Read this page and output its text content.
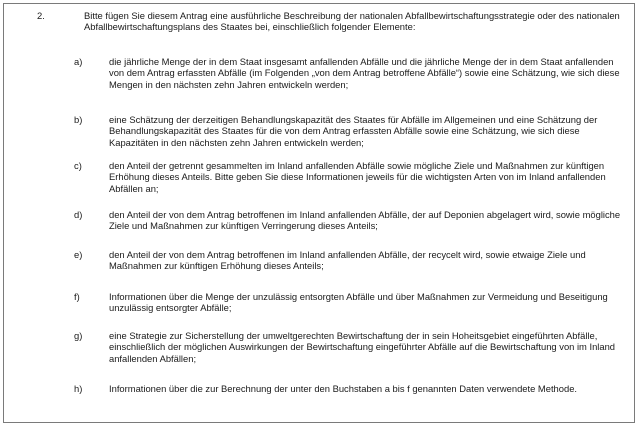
2.	Bitte fügen Sie diesem Antrag eine ausführliche Beschreibung der nationalen Abfallbewirtschaftungsstrategie oder des nationalen Abfallbewirtschaftungsplans des Staates bei, einschließlich folgender Elemente:
a)	die jährliche Menge der in dem Staat insgesamt anfallenden Abfälle und die jährliche Menge der in dem Staat anfallenden von dem Antrag erfassten Abfälle (im Folgenden „von dem Antrag betroffene Abfälle“) sowie eine Schätzung, wie sich diese Mengen in den nächsten zehn Jahren entwickeln werden;
b)	eine Schätzung der derzeitigen Behandlungskapazität des Staates für Abfälle im Allgemeinen und eine Schätzung der Behandlungskapazität des Staates für die von dem Antrag erfassten Abfälle sowie eine Schätzung, wie sich diese Kapazitäten in den nächsten zehn Jahren entwickeln werden;
c)	den Anteil der getrennt gesammelten im Inland anfallenden Abfälle sowie mögliche Ziele und Maßnahmen zur künftigen Erhöhung dieses Anteils. Bitte geben Sie diese Informationen jeweils für die wichtigsten Arten von im Inland anfallenden Abfällen an;
d)	den Anteil der von dem Antrag betroffenen im Inland anfallenden Abfälle, der auf Deponien abgelagert wird, sowie mögliche Ziele und Maßnahmen zur künftigen Verringerung dieses Anteils;
e)	den Anteil der von dem Antrag betroffenen im Inland anfallenden Abfälle, der recycelt wird, sowie etwaige Ziele und Maßnahmen zur künftigen Erhöhung dieses Anteils;
f)	Informationen über die Menge der unzulässig entsorgten Abfälle und über Maßnahmen zur Vermeidung und Beseitigung unzulässig entsorgter Abfälle;
g)	eine Strategie zur Sicherstellung der umweltgerechten Bewirtschaftung der in sein Hoheitsgebiet eingeführten Abfälle, einschließlich der möglichen Auswirkungen der Bewirtschaftung eingeführter Abfälle auf die Bewirtschaftung von im Inland anfallenden Abfällen;
h)	Informationen über die zur Berechnung der unter den Buchstaben a bis f genannten Daten verwendete Methode.
